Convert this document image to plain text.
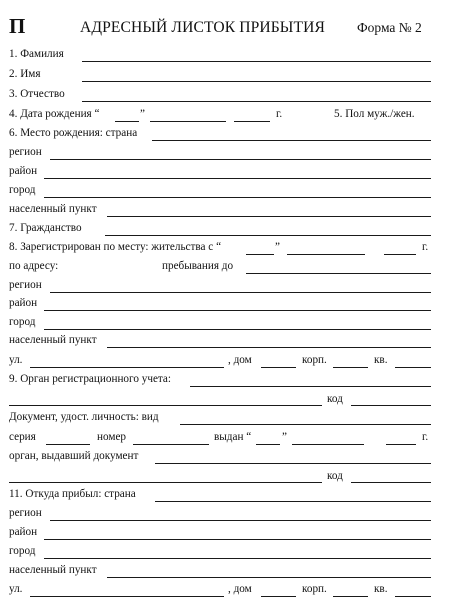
П	АДРЕСНЫЙ ЛИСТОК ПРИБЫТИЯ Форма № 2
1. Фамилия
2. Имя
3. Отчество
4. Дата рождения “	”	г.	5. Пол муж./жен.
6. Место рождения: страна
регион
район
город
населенный пункт
7. Гражданство
8. Зарегистрирован по месту: жительства с “	”	г.
по адресу:	пребывания до
регион
район
город
населенный пункт
ул.	, дом	корп.	кв.
9. Орган регистрационного учета:
код
Документ, удост. личность: вид
серия	номер	выдан “	”	г.
орган, выдавший документ
код
11. Откуда прибыл: страна
регион
район
город
населенный пункт
ул.	, дом	корп.	кв.
